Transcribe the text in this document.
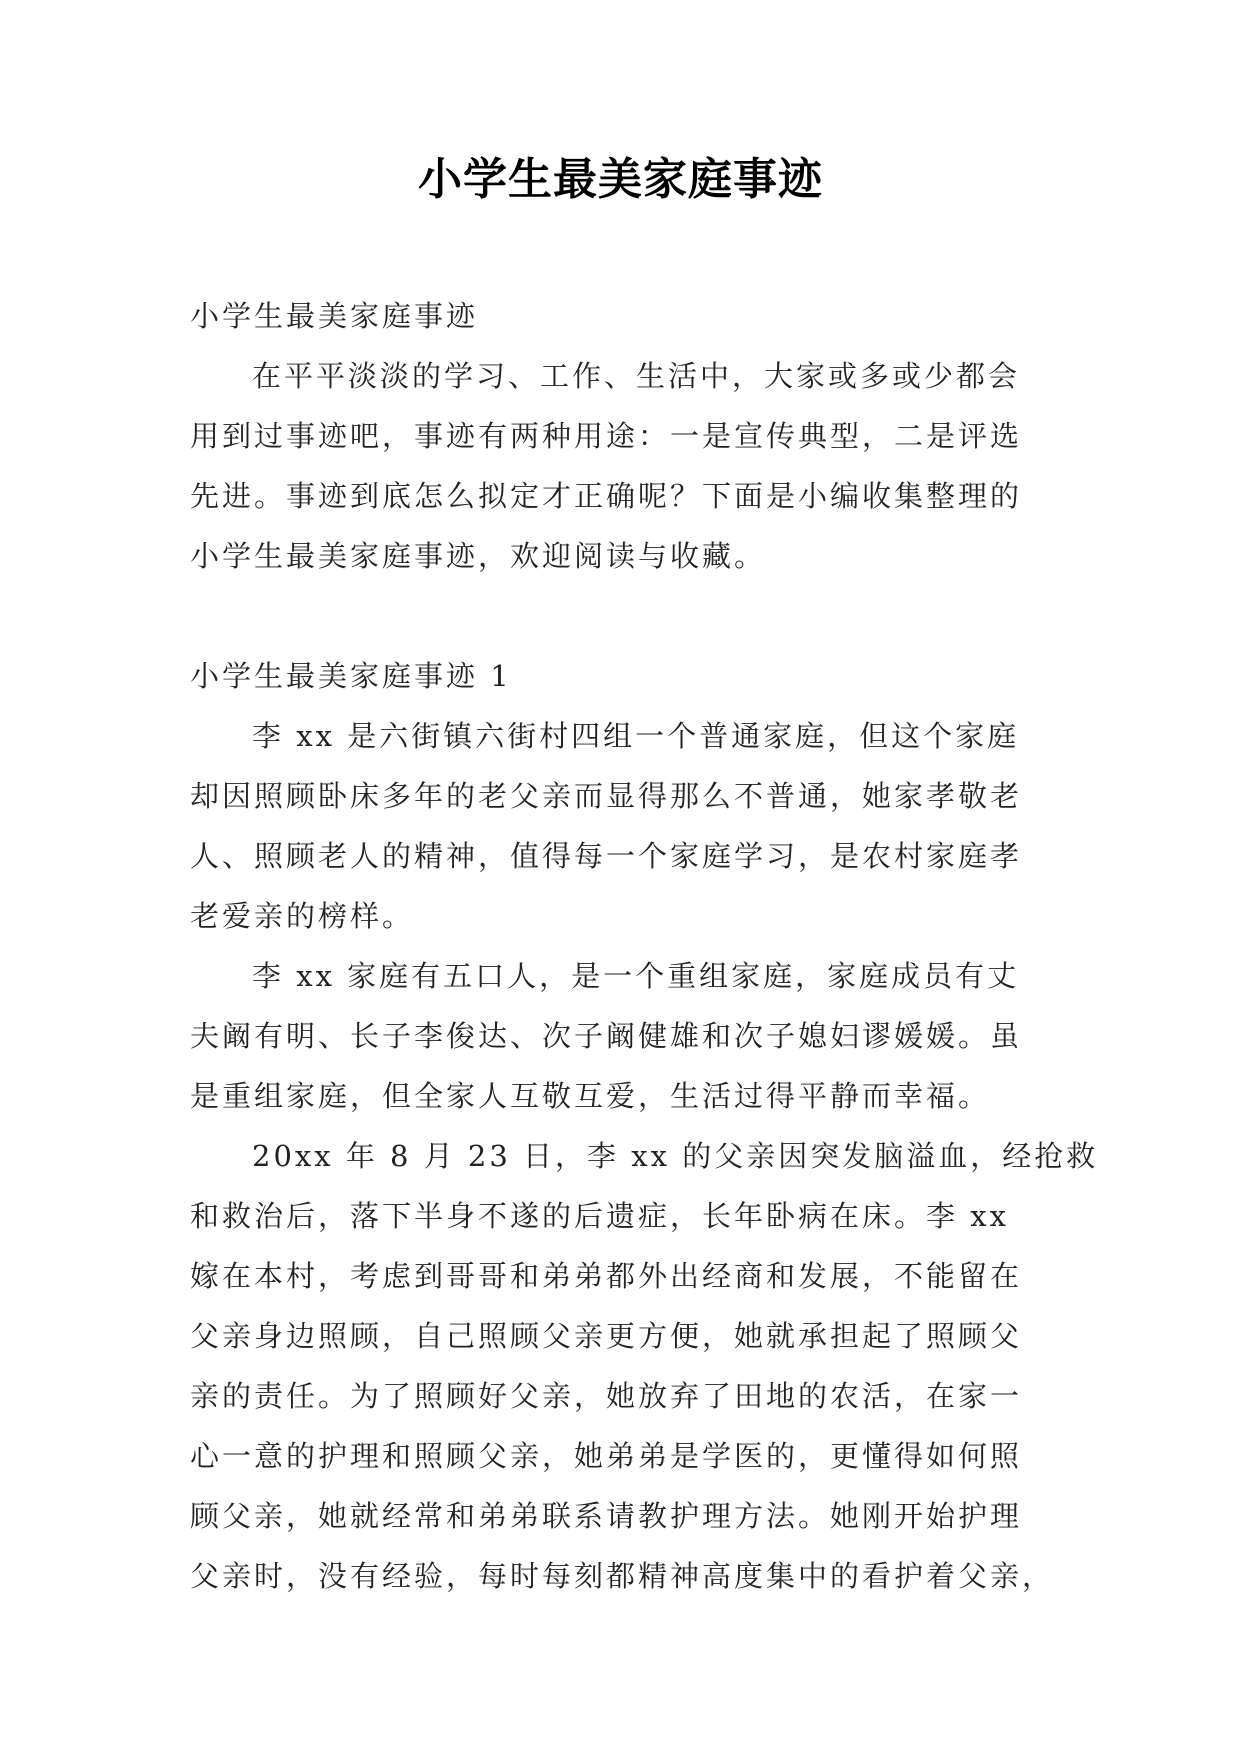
小学生最美家庭事迹
小学生最美家庭事迹
在平平淡淡的学习、工作、生活中，大家或多或少都会
用到过事迹吧，事迹有两种用途：一是宣传典型，二是评选
先进。事迹到底怎么拟定才正确呢？下面是小编收集整理的
小学生最美家庭事迹，欢迎阅读与收藏。
小学生最美家庭事迹 1
李 xx 是六街镇六街村四组一个普通家庭，但这个家庭
却因照顾卧床多年的老父亲而显得那么不普通，她家孝敬老
人、照顾老人的精神，值得每一个家庭学习，是农村家庭孝
老爱亲的榜样。
李 xx 家庭有五口人，是一个重组家庭，家庭成员有丈
夫阚有明、长子李俊达、次子阚健雄和次子媳妇谬媛媛。虽
是重组家庭，但全家人互敬互爱，生活过得平静而幸福。
20xx 年 8 月 23 日，李 xx 的父亲因突发脑溢血，经抢救
和救治后，落下半身不遂的后遗症，长年卧病在床。李 xx
嫁在本村，考虑到哥哥和弟弟都外出经商和发展，不能留在
父亲身边照顾，自己照顾父亲更方便，她就承担起了照顾父
亲的责任。为了照顾好父亲，她放弃了田地的农活，在家一
心一意的护理和照顾父亲，她弟弟是学医的，更懂得如何照
顾父亲，她就经常和弟弟联系请教护理方法。她刚开始护理
父亲时，没有经验，每时每刻都精神高度集中的看护着父亲，
